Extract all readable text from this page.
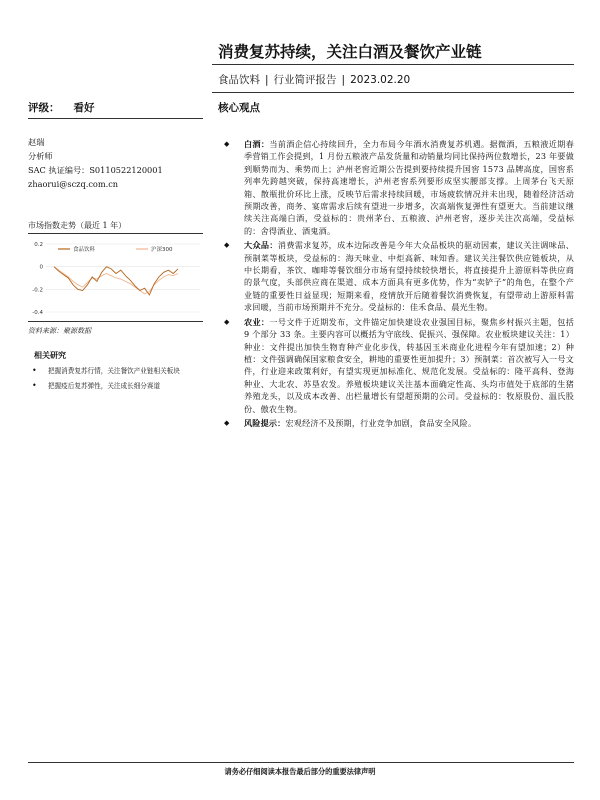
消费复苏持续，关注白酒及餐饮产业链
食品饮料 | 行业简评报告 | 2023.02.20
评级： 看好	核心观点
赵瑞
分析师
SAC 执证编号：S0110522120001
zhaorui@sczq.com.cn
市场指数走势（最近 1 年）
0.2
0
-0.2
-0.4
食品饮料	沪深300
资料来源：聚源数据
相关研究
• 把握消费复苏行情，关注餐饮产业链相关板块
• 把握疫后复苏弹性，关注成长细分赛道
◆ 白酒：当前酒企信心持续回升，全力布局今年酒水消费复苏机遇。据微酒，五粮液近期春季营销工作会提到，1 月份五粮液产品发货量和动销量均同比保持两位数增长，23 年要做到顺势而为、乘势而上；泸州老窖近期公告提到要持续提升国窖 1573 品牌高度，国窖系列率先跨越突破，保持高速增长，泸州老窖系列要形成坚实腰部支撑。上周茅台飞天原箱、散瓶批价环比上涨，反映节后需求持续回暖，市场疲软情况并未出现，随着经济活动预期改善，商务、宴席需求后续有望进一步增多，次高端恢复弹性有望更大。当前建议继续关注高端白酒，受益标的：贵州茅台、五粮液、泸州老窖，逐步关注次高端，受益标的：舍得酒业、酒鬼酒。
◆ 大众品：消费需求复苏，成本边际改善是今年大众品板块的驱动因素，建议关注调味品、预制菜等板块，受益标的：海天味业、中炬高新、味知香。建议关注餐饮供应链板块，从中长期看，茶饮、咖啡等餐饮细分市场有望持续较快增长，将直接提升上游原料等供应商的景气度，头部供应商在渠道、成本方面具有更多优势，作为“卖铲子”的角色，在整个产业链的重要性日益显现；短期来看，疫情放开后随着餐饮消费恢复，有望带动上游原料需求回暖，当前市场预期并不充分。受益标的：佳禾食品、晨光生物。
◆ 农业：一号文件于近期发布，文件锚定加快建设农业强国目标，聚焦乡村振兴主题，包括 9 个部分 33 条。主要内容可以概括为守底线、促振兴、强保障。农业板块建议关注：1）种业：文件提出加快生物育种产业化步伐，转基因玉米商业化进程今年有望加速；2）种植：文件强调确保国家粮食安全，耕地的重要性更加提升；3）预制菜：首次被写入一号文件，行业迎来政策利好，有望实现更加标准化、规范化发展。受益标的：隆平高科、登海种业、大北农、苏垦农发。养殖板块建议关注基本面确定性高、头均市值处于底部的生猪养殖龙头，以及成本改善、出栏量增长有望超预期的公司。受益标的：牧原股份、温氏股份、傲农生物。
◆ 风险提示：宏观经济不及预期，行业竞争加剧，食品安全风险。
请务必仔细阅读本报告最后部分的重要法律声明
